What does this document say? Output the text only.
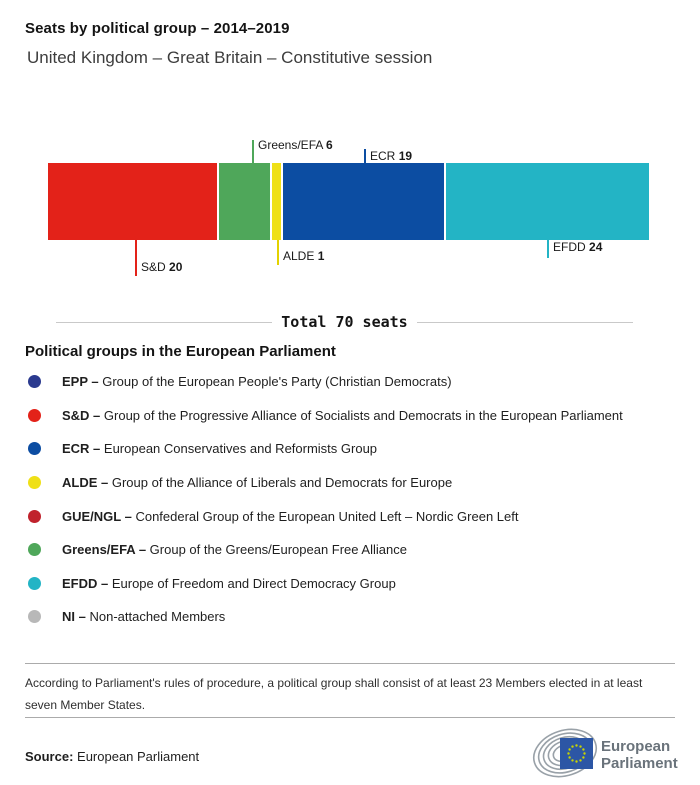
Seats by political group – 2014–2019
United Kingdom – Great Britain – Constitutive session
Greens/EFA 6
ECR 19
S&D 20
ALDE 1
EFDD 24
Total 70 seats
Political groups in the European Parliament
EPP – Group of the European People's Party (Christian Democrats)
S&D – Group of the Progressive Alliance of Socialists and Democrats in the European Parliament
ECR – European Conservatives and Reformists Group
ALDE – Group of the Alliance of Liberals and Democrats for Europe
GUE/NGL – Confederal Group of the European United Left – Nordic Green Left
Greens/EFA – Group of the Greens/European Free Alliance
EFDD – Europe of Freedom and Direct Democracy Group
NI – Non-attached Members
According to Parliament's rules of procedure, a political group shall consist of at least 23 Members elected in at least seven Member States.
Source: European Parliament
European
Parliament
